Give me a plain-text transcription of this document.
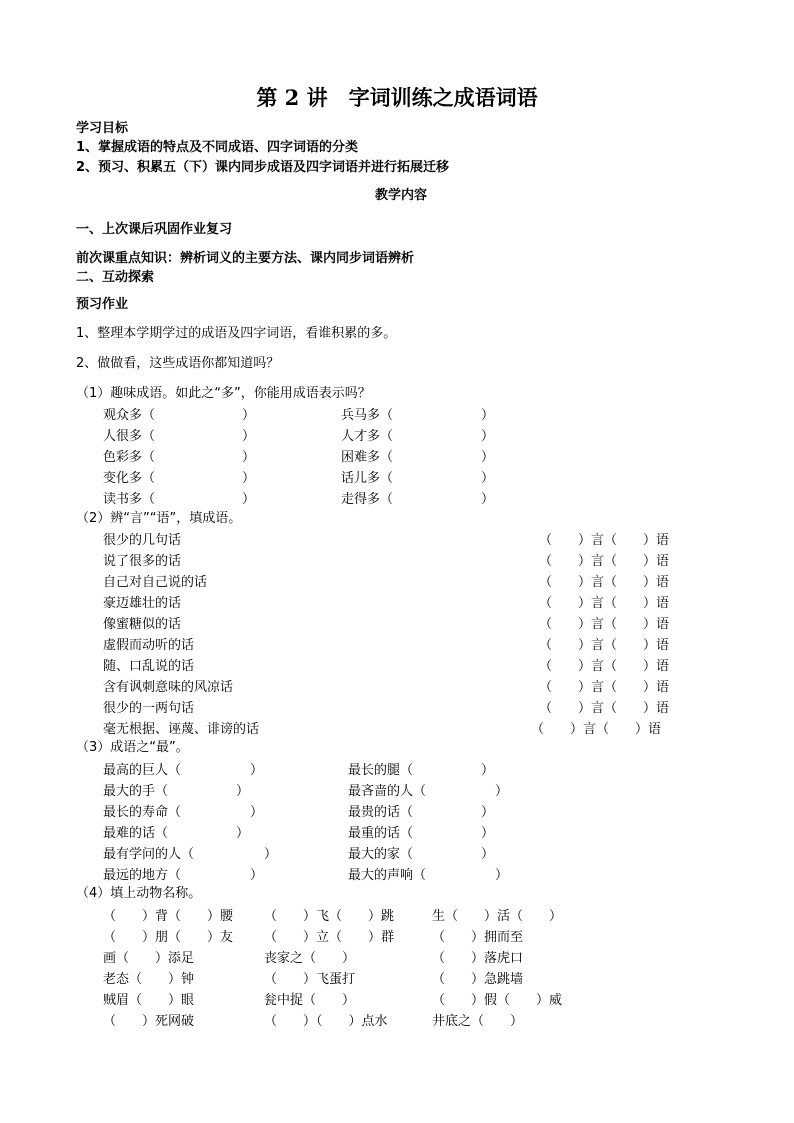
第 2 讲　字词训练之成语词语
学习目标
1、掌握成语的特点及不同成语、四字词语的分类
2、预习、积累五（下）课内同步成语及四字词语并进行拓展迁移
教学内容
一、上次课后巩固作业复习
前次课重点知识：辨析词义的主要方法、课内同步词语辨析
二、互动探索
预习作业
1、整理本学期学过的成语及四字词语，看谁积累的多。
2、做做看，这些成语你都知道吗？
（1）趣味成语。如此之“多”，你能用成语表示吗？
观众多（	）	兵马多（	）
人很多（	）	人才多（	）
色彩多（	）	困难多（	）
变化多（	）	话儿多（	）
读书多（	）	走得多（	）
（2）辨“言”“语”，填成语。
很少的几句话	（　　）言（　　）语
说了很多的话	（　　）言（　　）语
自己对自己说的话	（　　）言（　　）语
豪迈雄壮的话	（　　）言（　　）语
像蜜糖似的话	（　　）言（　　）语
虚假而动听的话	（　　）言（　　）语
随、口乱说的话	（　　）言（　　）语
含有讽刺意味的风凉话	（　　）言（　　）语
很少的一两句话	（　　）言（　　）语
毫无根据、诬蔑、诽谤的话	（　　）言（　　）语
（3）成语之“最”。
最高的巨人（	）	最长的腿（	）
最大的手（	）	最吝啬的人（	）
最长的寿命（	）	最贵的话（	）
最难的话（	）	最重的话（	）
最有学问的人（	）	最大的家（	）
最远的地方（	）	最大的声响（	）
（4）填上动物名称。
（　　）背（　　）腰 （　　）飞（　　）跳	生（　　）活（　　）
（　　）朋（　　）友 （　　）立（　　）群	（　　）拥而至
画（　　）添足	丧家之（　　）	（　　）落虎口
老态（　　）钟	（　　）飞蛋打	（　　）急跳墙
贼眉（　　）眼	瓮中捉（　　）	（　　）假（　　）威
（　　）死网破	（　　）（　　）点水	井底之（　　）
